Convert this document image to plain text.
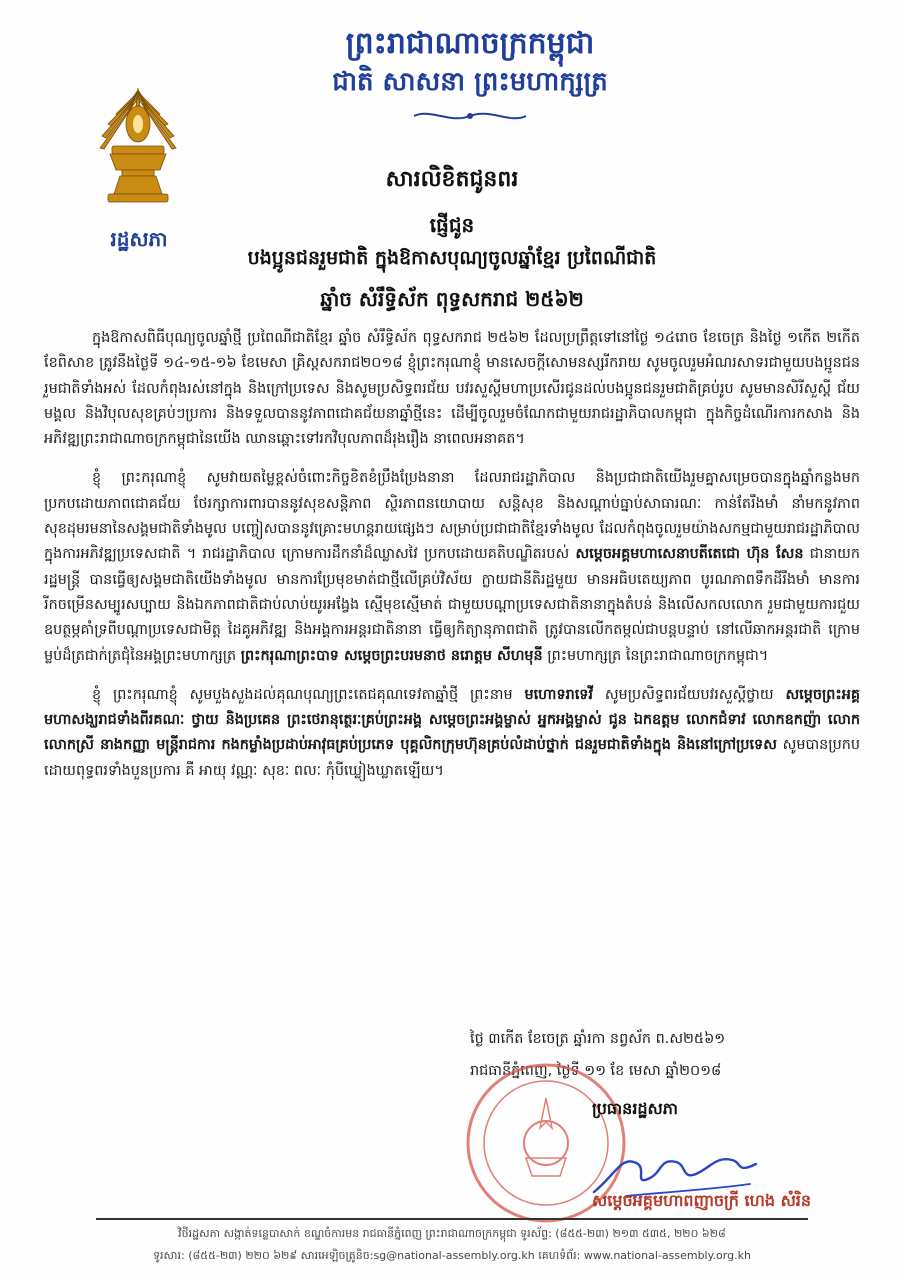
រដ្ឋសភា
ព្រះរាជាណាចក្រកម្ពុជា
ជាតិ សាសនា ព្រះមហាក្សត្រ
សារលិខិតជូនពរ
ផ្ញើជូន
បងប្អូនជនរួមជាតិ ក្នុងឱកាសបុណ្យចូលឆ្នាំខ្មែរ ប្រពៃណីជាតិ
ឆ្នាំច សំរឹទ្ធិស័ក ពុទ្ធសករាជ ២៥៦២

ក្នុងឱកាសពិធីបុណ្យចូលឆ្នាំថ្មី ប្រពៃណីជាតិខ្មែរ ឆ្នាំច សំរឹទ្ធិស័ក ពុទ្ធសករាជ ២៥៦២ ដែលប្រព្រឹត្តទៅនៅថ្ងៃ ១៤រោច ខែចេត្រ និងថ្ងៃ ១កើត ២កើត ខែពិសាខ ត្រូវនឹងថ្ងៃទី ១៤-១៥-១៦ ខែមេសា គ្រិស្តសករាជ២០១៨ ខ្ញុំព្រះករុណាខ្ញុំ មានសេចក្តីសោមនស្សរីករាយ សូមចូលរួមអំណរសាទរជាមួយបងប្អូនជនរួមជាតិទាំងអស់ ដែលកំពុងរស់នៅក្នុង និងក្រៅប្រទេស និងសូមប្រសិទ្ធពរជ័យ បវរសួស្តីមហាប្រសើរជូនដល់បងប្អូនជនរួមជាតិគ្រប់រូប សូមមានសិរីសួស្តី ជ័យមង្គល និងវិបុលសុខគ្រប់ៗប្រការ និងទទួលបាននូវភាពជោគជ័យនាឆ្នាំថ្មីនេះ ដើម្បីចូលរួមចំណែកជាមួយរាជរដ្ឋាភិបាលកម្ពុជា ក្នុងកិច្ចដំណើរការកសាង និងអភិវឌ្ឍព្រះរាជាណាចក្រកម្ពុជានៃយើង ឈានឆ្ពោះទៅរកវិបុលភាពដ៏រុងរឿង នាពេលអនាគត។

ខ្ញុំ ព្រះករុណាខ្ញុំ សូមវាយតម្លៃខ្ពស់ចំពោះកិច្ចខិតខំប្រឹងប្រែងនានា ដែលរាជរដ្ឋាភិបាល និងប្រជាជាតិយើងរួមគ្នាសម្រេចបានក្នុងឆ្នាំកន្លងមក ប្រកបដោយភាពជោគជ័យ ថែរក្សាការពារបាននូវសុខសន្តិភាព ស្ថិរភាពនយោបាយ សន្តិសុខ និងសណ្តាប់ធ្នាប់សាធារណៈ កាន់តែរឹងមាំ នាំមកនូវភាពសុខដុមរមនានៃសង្គមជាតិទាំងមូល បញ្ចៀសបាននូវគ្រោះមហន្តរាយផ្សេងៗ សម្រាប់ប្រជាជាតិខ្មែរទាំងមូល ដែលកំពុងចូលរួមយ៉ាងសកម្មជាមួយរាជរដ្ឋាភិបាល ក្នុងការអភិវឌ្ឍប្រទេសជាតិ ។ រាជរដ្ឋាភិបាល ក្រោមការដឹកនាំដ៏ឈ្លាសវៃ ប្រកបដោយគតិបណ្ឌិតរបស់ សម្តេចអគ្គមហាសេនាបតីតេជោ ហ៊ុន សែន ជានាយករដ្ឋមន្ត្រី បានធ្វើឲ្យសង្គមជាតិយើងទាំងមូល មានការប្រែមុខមាត់ជាថ្មីលើគ្រប់វិស័យ ក្លាយជានីតិរដ្ឋមួយ មានអធិបតេយ្យភាព បូរណភាពទឹកដីរឹងមាំ មានការរីកចម្រើនសម្បូរសប្បាយ និងឯកភាពជាតិជាប់លាប់យូរអង្វែង ស្មើមុខស្មើមាត់ ជាមួយបណ្តាប្រទេសជាតិនានាក្នុងតំបន់ និងលើសកលលោក រួមជាមួយការជួយឧបត្ថម្ភគាំទ្រពីបណ្តាប្រទេសជាមិត្ត ដៃគូអភិវឌ្ឍ និងអង្គការអន្តរជាតិនានា ធ្វើឲ្យកិត្យានុភាពជាតិ ត្រូវបានលើកតម្កល់ជាបន្តបន្ទាប់ នៅលើឆាកអន្តរជាតិ ក្រោមម្លប់ដ៏ត្រជាក់ត្រជុំនៃអង្គព្រះមហាក្សត្រ ព្រះករុណាព្រះបាទ សម្តេចព្រះបរមនាថ នរោត្តម សីហមុនី ព្រះមហាក្សត្រ នៃព្រះរាជាណាចក្រកម្ពុជា។

ខ្ញុំ ព្រះករុណាខ្ញុំ សូមបួងសួងដល់គុណបុណ្យព្រះតេជគុណទេវតាឆ្នាំថ្មី ព្រះនាម មហោទរាទេវី សូមប្រសិទ្ធពរជ័យបវរសួស្តីថ្វាយ សម្តេចព្រះអគ្គមហាសង្ឃរាជទាំងពីរគណៈ ថ្វាយ និងប្រគេន ព្រះថេរានុត្ថេរៈគ្រប់ព្រះអង្គ សម្តេចព្រះអង្គម្ចាស់ អ្នកអង្គម្ចាស់ ជូន ឯកឧត្តម លោកជំទាវ លោកឧកញ៉ា លោក លោកស្រី នាងកញ្ញា មន្ត្រីរាជការ កងកម្លាំងប្រដាប់អាវុធគ្រប់ប្រភេទ បុគ្គលិកក្រុមហ៊ុនគ្រប់លំដាប់ថ្នាក់ ជនរួមជាតិទាំងក្នុង និងនៅក្រៅប្រទេស សូមបានប្រកបដោយពុទ្ធពរទាំងបួនប្រការ គឺ អាយុ វណ្ណៈ សុខៈ ពលៈ កុំបីឃ្លៀងឃ្លាតឡើយ។

ថ្ងៃ ៣កើត ខែចេត្រ ឆ្នាំរកា នព្វស័ក ព.ស២៥៦១
រាជធានីភ្នំពេញ, ថ្ងៃទី ១១ ខែ មេសា ឆ្នាំ២០១៨
ប្រធានរដ្ឋសភា
សម្តេចអគ្គមហាពញាចក្រី ហេង សំរិន
វិថីរដ្ឋសភា សង្កាត់ទន្លេបាសាក់ ខណ្ឌចំការមន រាជធានីភ្នំពេញ ព្រះរាជាណាចក្រកម្ពុជា ទូរស័ព្ទ: (៨៥៥-២៣) ២១៣ ៥៣៥, ២២០ ៦២៨
ទូរសារ: (៨៥៥-២៣) ២២០ ៦២៩ សារអេឡិចត្រូនិច:sg@national-assembly.org.kh គេហទំព័រ: www.national-assembly.org.kh
